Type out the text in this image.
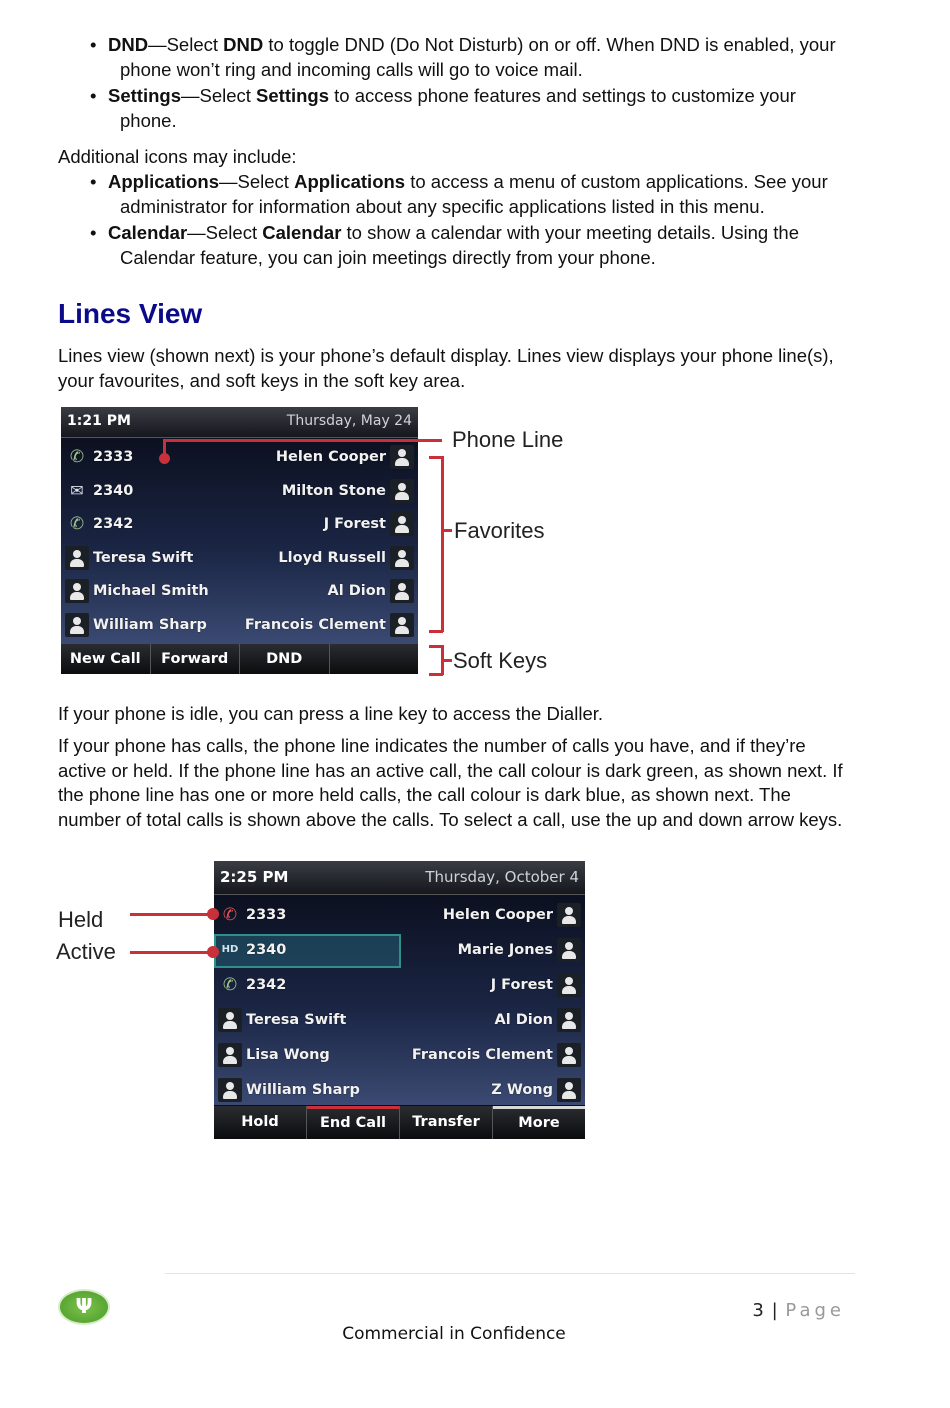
• DND—Select DND to toggle DND (Do Not Disturb) on or off. When DND is enabled, your
phone won’t ring and incoming calls will go to voice mail.
• Settings—Select Settings to access phone features and settings to customize your
phone.

Additional icons may include:

• Applications—Select Applications to access a menu of custom applications. See your
administrator for information about any specific applications listed in this menu.
• Calendar—Select Calendar to show a calendar with your meeting details. Using the
Calendar feature, you can join meetings directly from your phone.
Lines View

Lines view (shown next) is your phone’s default display. Lines view displays your phone line(s),
your favourites, and soft keys in the soft key area.

1:21 PM	Thursday, May 24
✆ 2333	Helen Cooper
✉ 2340	Milton Stone
✆ 2342	J Forest
Teresa Swift	Lloyd Russell
Michael Smith	Al Dion
William Sharp	Francois Clement
New Call	Forward	DND
Phone Line
Favorites
Soft Keys

If your phone is idle, you can press a line key to access the Dialler.

If your phone has calls, the phone line indicates the number of calls you have, and if they’re
active or held. If the phone line has an active call, the call colour is dark green, as shown next. If
the phone line has one or more held calls, the call colour is dark blue, as shown next. The
number of total calls is shown above the calls. To select a call, use the up and down arrow keys.

2:25 PM	Thursday, October 4
✆ 2333	Helen Cooper
HD 2340	Marie Jones
✆ 2342	J Forest
Teresa Swift	Al Dion
Lisa Wong	Francois Clement
William Sharp	Z Wong
Hold	End Call	Transfer	More
Held
Active
Ψ	3 | Page
Commercial in Confidence
